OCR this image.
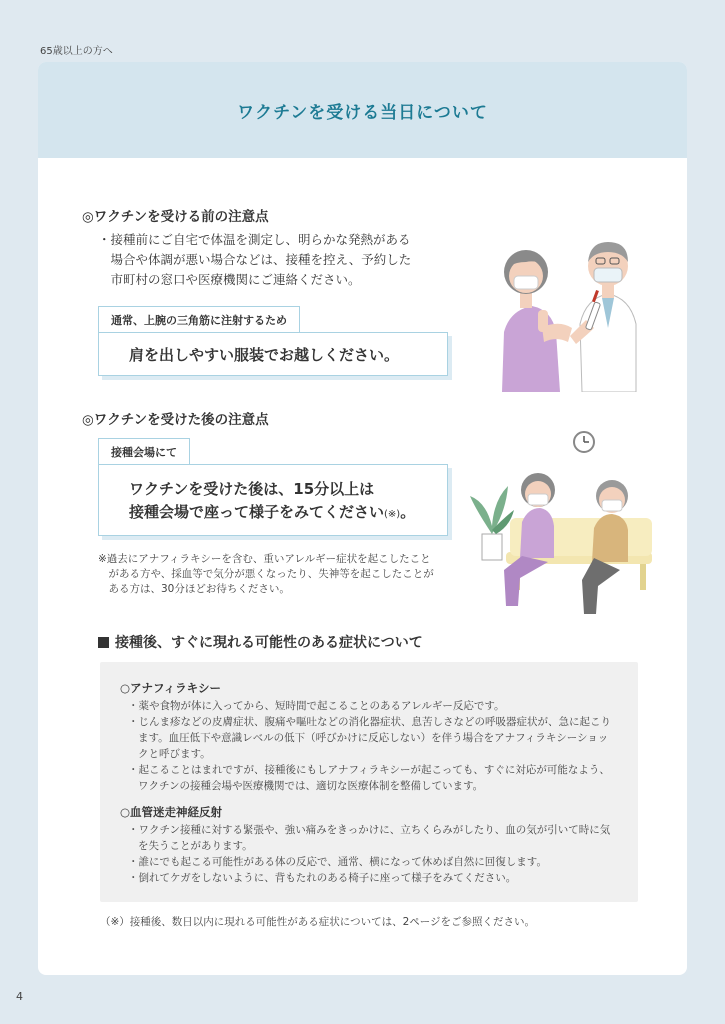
65歳以上の方へ
ワクチンを受ける当日について
◎ワクチンを受ける前の注意点
・接種前にご自宅で体温を測定し、明らかな発熱がある
　場合や体調が悪い場合などは、接種を控え、予約した
　市町村の窓口や医療機関にご連絡ください。
通常、上腕の三角筋に注射するため
肩を出しやすい服装でお越しください。
◎ワクチンを受けた後の注意点
接種会場にて
ワクチンを受けた後は、15分以上は
接種会場で座って様子をみてください(※)。
※過去にアナフィラキシーを含む、重いアレルギー症状を起こしたこと
　がある方や、採血等で気分が悪くなったり、失神等を起こしたことが
　ある方は、30分ほどお待ちください。
接種後、すぐに現れる可能性のある症状について
○アナフィラキシー
・薬や食物が体に入ってから、短時間で起こることのあるアレルギー反応です。
・じんま疹などの皮膚症状、腹痛や嘔吐などの消化器症状、息苦しさなどの呼吸器症状が、急に起こります。血圧低下や意識レベルの低下（呼びかけに反応しない）を伴う場合をアナフィラキシーショックと呼びます。
・起こることはまれですが、接種後にもしアナフィラキシーが起こっても、すぐに対応が可能なよう、ワクチンの接種会場や医療機関では、適切な医療体制を整備しています。
○血管迷走神経反射
・ワクチン接種に対する緊張や、強い痛みをきっかけに、立ちくらみがしたり、血の気が引いて時に気を失うことがあります。
・誰にでも起こる可能性がある体の反応で、通常、横になって休めば自然に回復します。
・倒れてケガをしないように、背もたれのある椅子に座って様子をみてください。
（※）接種後、数日以内に現れる可能性がある症状については、2ページをご参照ください。
4
